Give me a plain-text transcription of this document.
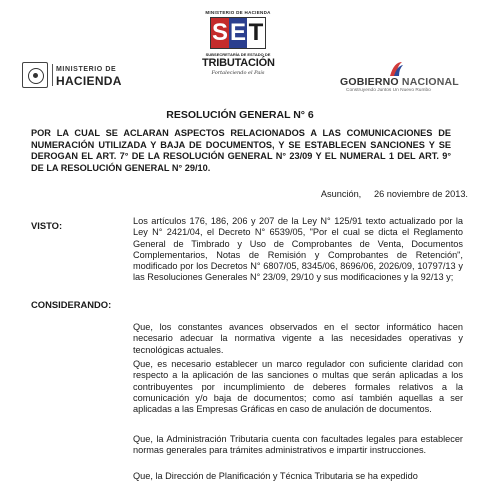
MINISTERIO DE
HACIENDA
MINISTERIO DE HACIENDA
S E T
SUBSECRETARÍA DE ESTADO DE
TRIBUTACIÓN
Fortaleciendo el País
GOBIERNO NACIONAL
Construyendo Juntos Un Nuevo Rumbo
RESOLUCIÓN GENERAL N° 6
POR LA CUAL SE ACLARAN ASPECTOS RELACIONADOS A LAS COMUNICACIONES DE NUMERACIÓN UTILIZADA Y BAJA DE DOCUMENTOS, Y SE ESTABLECEN SANCIONES Y SE DEROGAN EL ART. 7° DE LA RESOLUCIÓN GENERAL N° 23/09 Y EL NUMERAL 1 DEL ART. 9° DE LA RESOLUCIÓN GENERAL N° 29/10.
Asunción,     26 noviembre de 2013.
VISTO:	Los artículos 176, 186, 206 y 207 de la Ley N° 125/91 texto actualizado por la Ley N° 2421/04, el Decreto N° 6539/05, "Por el cual se dicta el Reglamento General de Timbrado y Uso de Comprobantes de Venta, Documentos Complementarios, Notas de Remisión y Comprobantes de Retención", modificado por los Decretos N° 6807/05, 8345/06, 8696/06, 2026/09, 10797/13 y las Resoluciones Generales N° 23/09, 29/10 y sus modificaciones y la 92/13 y;
CONSIDERANDO:
Que, los constantes avances observados en el sector informático hacen necesario adecuar la normativa vigente a las necesidades operativas y tecnológicas actuales.
Que, es necesario establecer un marco regulador con suficiente claridad con respecto a la aplicación de las sanciones o multas que serán aplicadas a los contribuyentes por incumplimiento de deberes formales relativos a la comunicación y/o baja de documentos; como así también aquellas a ser aplicadas a las Empresas Gráficas en caso de anulación de documentos.
Que, la Administración Tributaria cuenta con facultades legales para establecer normas generales para trámites administrativos e impartir instrucciones.
Que, la Dirección de Planificación y Técnica Tributaria se ha expedido
